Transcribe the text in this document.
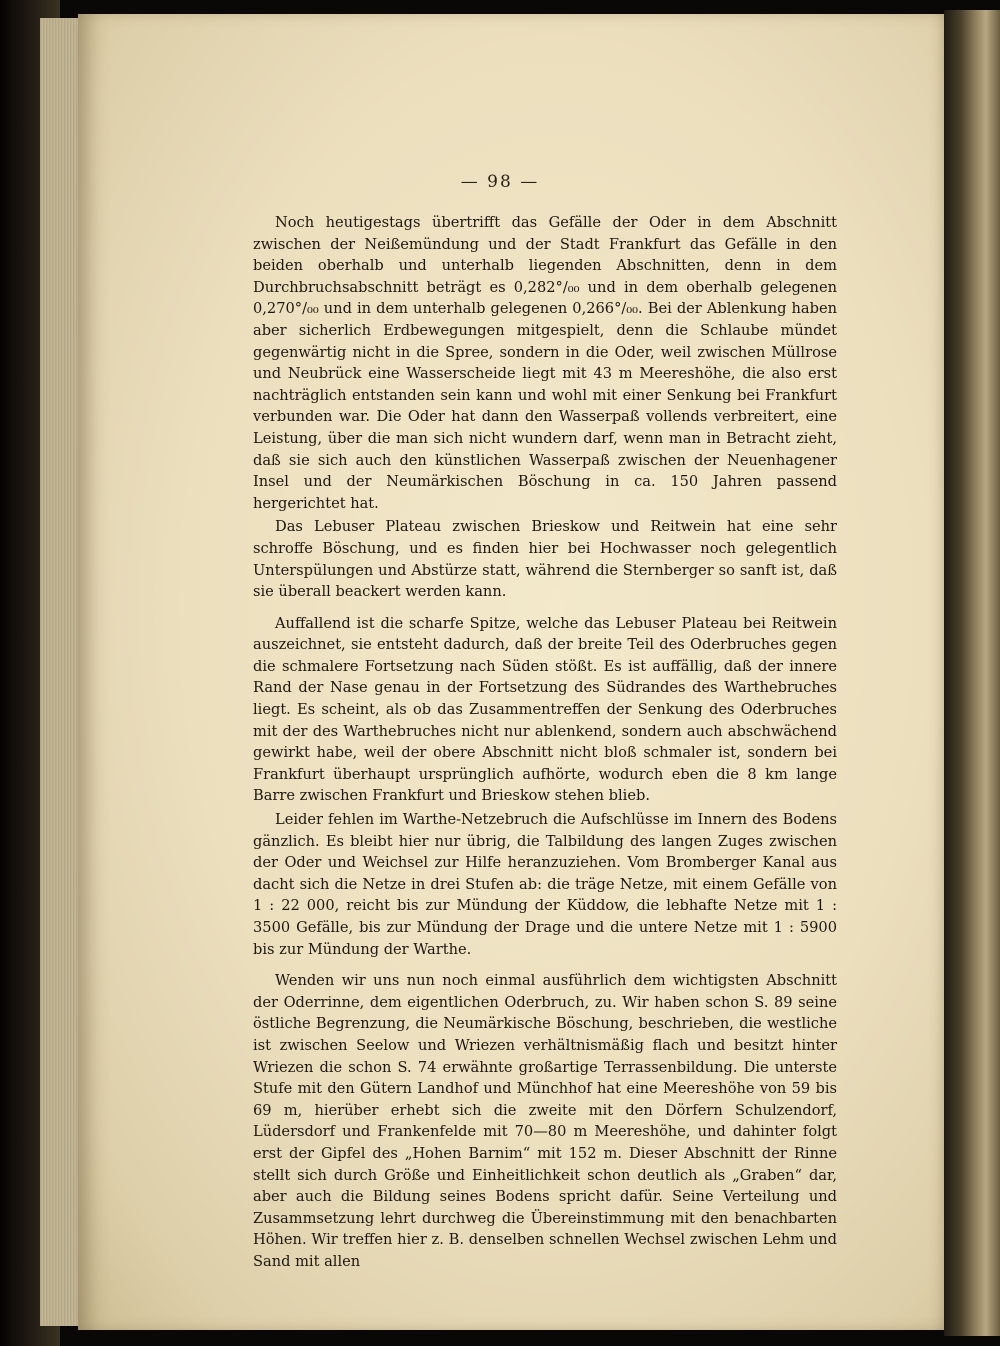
— 98 —

Noch heutigestags übertrifft das Gefälle der Oder in dem Abschnitt zwischen der Neißemündung und der Stadt Frankfurt das Gefälle in den beiden oberhalb und unterhalb liegenden Abschnitten, denn in dem Durchbruchsabschnitt beträgt es 0,282°/₀₀ und in dem oberhalb gelegenen 0,270°/₀₀ und in dem unterhalb gelegenen 0,266°/₀₀. Bei der Ablenkung haben aber sicherlich Erdbewegungen mitgespielt, denn die Schlaube mündet gegenwärtig nicht in die Spree, sondern in die Oder, weil zwischen Müllrose und Neubrück eine Wasserscheide liegt mit 43 m Meereshöhe, die also erst nachträglich entstanden sein kann und wohl mit einer Senkung bei Frankfurt verbunden war. Die Oder hat dann den Wasserpaß vollends verbreitert, eine Leistung, über die man sich nicht wundern darf, wenn man in Betracht zieht, daß sie sich auch den künstlichen Wasserpaß zwischen der Neuenhagener Insel und der Neumärkischen Böschung in ca. 150 Jahren passend hergerichtet hat.

Das Lebuser Plateau zwischen Brieskow und Reitwein hat eine sehr schroffe Böschung, und es finden hier bei Hochwasser noch gelegentlich Unterspülungen und Abstürze statt, während die Sternberger so sanft ist, daß sie überall beackert werden kann.

Auffallend ist die scharfe Spitze, welche das Lebuser Plateau bei Reitwein auszeichnet, sie entsteht dadurch, daß der breite Teil des Oderbruches gegen die schmalere Fortsetzung nach Süden stößt. Es ist auffällig, daß der innere Rand der Nase genau in der Fortsetzung des Südrandes des Warthebruches liegt. Es scheint, als ob das Zusammentreffen der Senkung des Oderbruches mit der des Warthebruches nicht nur ablenkend, sondern auch abschwächend gewirkt habe, weil der obere Abschnitt nicht bloß schmaler ist, sondern bei Frankfurt überhaupt ursprünglich aufhörte, wodurch eben die 8 km lange Barre zwischen Frankfurt und Brieskow stehen blieb.

Leider fehlen im Warthe-Netzebruch die Aufschlüsse im Innern des Bodens gänzlich. Es bleibt hier nur übrig, die Talbildung des langen Zuges zwischen der Oder und Weichsel zur Hilfe heranzuziehen. Vom Bromberger Kanal aus dacht sich die Netze in drei Stufen ab: die träge Netze, mit einem Gefälle von 1 : 22 000, reicht bis zur Mündung der Küddow, die lebhafte Netze mit 1 : 3500 Gefälle, bis zur Mündung der Drage und die untere Netze mit 1 : 5900 bis zur Mündung der Warthe.

Wenden wir uns nun noch einmal ausführlich dem wichtigsten Abschnitt der Oderrinne, dem eigentlichen Oderbruch, zu. Wir haben schon S. 89 seine östliche Begrenzung, die Neumärkische Böschung, beschrieben, die westliche ist zwischen Seelow und Wriezen verhältnismäßig flach und besitzt hinter Wriezen die schon S. 74 erwähnte großartige Terrassenbildung. Die unterste Stufe mit den Gütern Landhof und Münchhof hat eine Meereshöhe von 59 bis 69 m, hierüber erhebt sich die zweite mit den Dörfern Schulzendorf, Lüdersdorf und Frankenfelde mit 70—80 m Meereshöhe, und dahinter folgt erst der Gipfel des „Hohen Barnim“ mit 152 m. Dieser Abschnitt der Rinne stellt sich durch Größe und Einheitlichkeit schon deutlich als „Graben“ dar, aber auch die Bildung seines Bodens spricht dafür. Seine Verteilung und Zusammsetzung lehrt durchweg die Übereinstimmung mit den benachbarten Höhen. Wir treffen hier z. B. denselben schnellen Wechsel zwischen Lehm und Sand mit allen
